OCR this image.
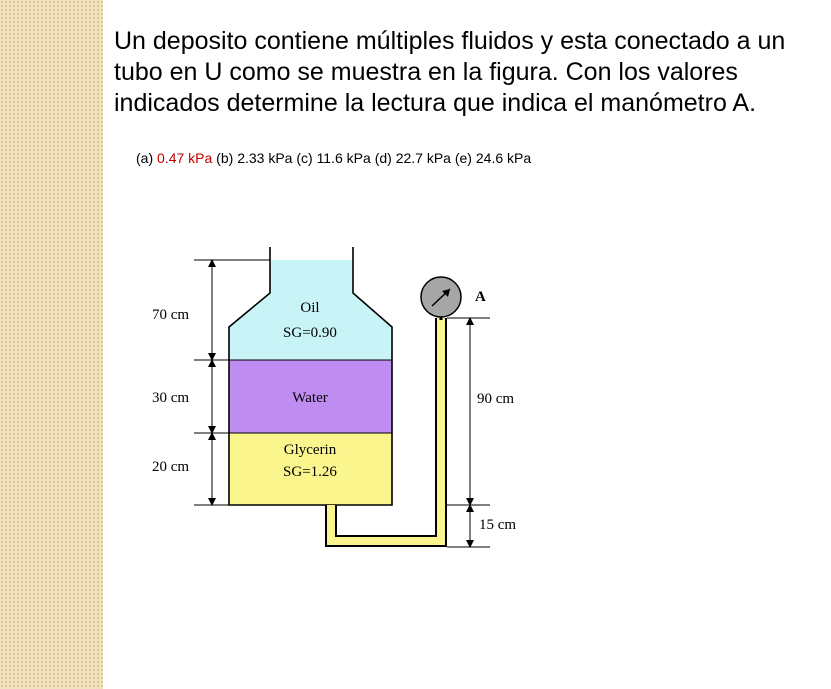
Un deposito contiene múltiples fluidos y esta conectado a un tubo en U como se muestra en la figura. Con los valores indicados determine la lectura que indica el manómetro A.

(a) 0.47 kPa (b) 2.33 kPa (c) 11.6 kPa (d) 22.7 kPa (e) 24.6 kPa
Oil
SG=0.90
Water
Glycerin
SG=1.26
70 cm
30 cm
20 cm
90 cm
15 cm
A
